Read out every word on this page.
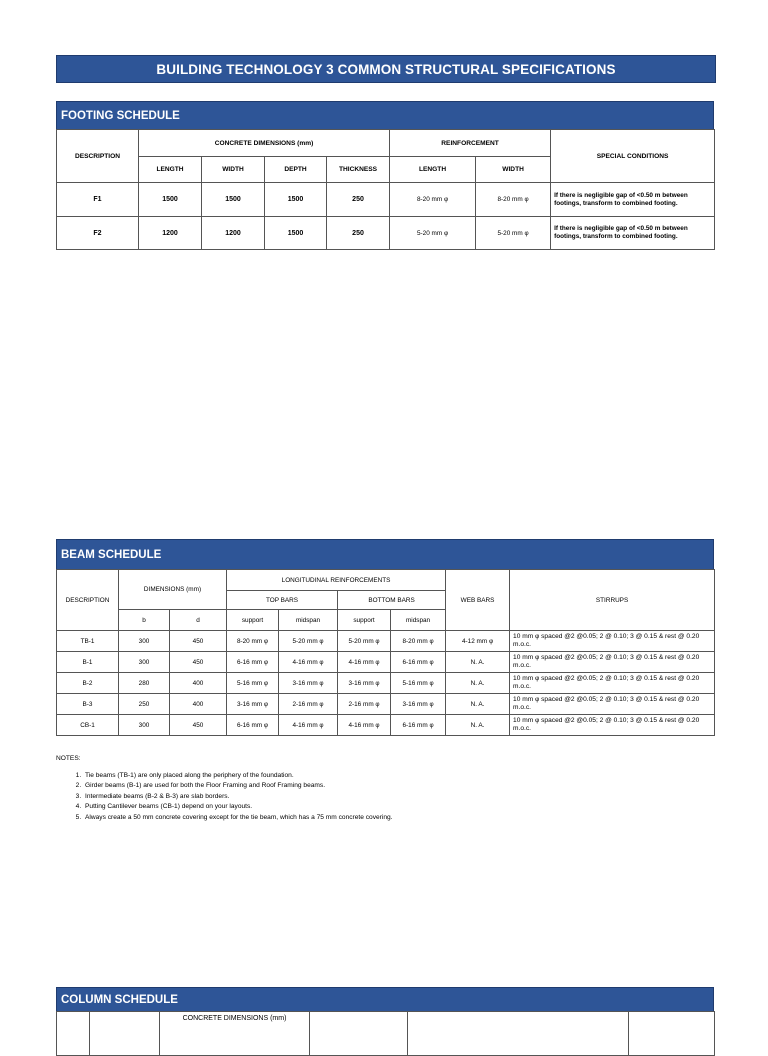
BUILDING TECHNOLOGY 3 COMMON STRUCTURAL SPECIFICATIONS
FOOTING SCHEDULE
DESCRIPTION	CONCRETE DIMENSIONS (mm)				REINFORCEMENT		SPECIAL CONDITIONS
	LENGTH	WIDTH	DEPTH	THICKNESS	LENGTH	WIDTH	
F1	1500	1500	1500	250	8-20 mm φ	8-20 mm φ	If there is negligible gap of <0.50 m between footings, transform to combined footing.
F2	1200	1200	1500	250	5-20 mm φ	5-20 mm φ	If there is negligible gap of <0.50 m between footings, transform to combined footing.
BEAM SCHEDULE
DESCRIPTION	DIMENSIONS (mm)		LONGITUDINAL REINFORCEMENTS				WEB BARS	STIRRUPS
			TOP BARS		BOTTOM BARS			
	b	d	support	midspan	support	midspan		
TB-1	300	450	8-20 mm φ	5-20 mm φ	5-20 mm φ	8-20 mm φ	4-12 mm φ	10 mm φ spaced @2 @0.05; 2 @ 0.10; 3 @ 0.15 & rest @ 0.20 m.o.c.
B-1	300	450	6-16 mm φ	4-16 mm φ	4-16 mm φ	6-16 mm φ	N. A.	10 mm φ spaced @2 @0.05; 2 @ 0.10; 3 @ 0.15 & rest @ 0.20 m.o.c.
B-2	280	400	5-16 mm φ	3-16 mm φ	3-16 mm φ	5-16 mm φ	N. A.	10 mm φ spaced @2 @0.05; 2 @ 0.10; 3 @ 0.15 & rest @ 0.20 m.o.c.
B-3	250	400	3-16 mm φ	2-16 mm φ	2-16 mm φ	3-16 mm φ	N. A.	10 mm φ spaced @2 @0.05; 2 @ 0.10; 3 @ 0.15 & rest @ 0.20 m.o.c.
CB-1	300	450	6-16 mm φ	4-16 mm φ	4-16 mm φ	6-16 mm φ	N. A.	10 mm φ spaced @2 @0.05; 2 @ 0.10; 3 @ 0.15 & rest @ 0.20 m.o.c.
NOTES:
1. Tie beams (TB-1) are only placed along the periphery of the foundation.
2. Girder beams (B-1) are used for both the Floor Framing and Roof Framing beams.
3. Intermediate beams (B-2 & B-3) are slab borders.
4. Putting Cantilever beams (CB-1) depend on your layouts.
5. Always create a 50 mm concrete covering except for the tie beam, which has a 75 mm concrete covering.
COLUMN SCHEDULE
		CONCRETE DIMENSIONS (mm)			
